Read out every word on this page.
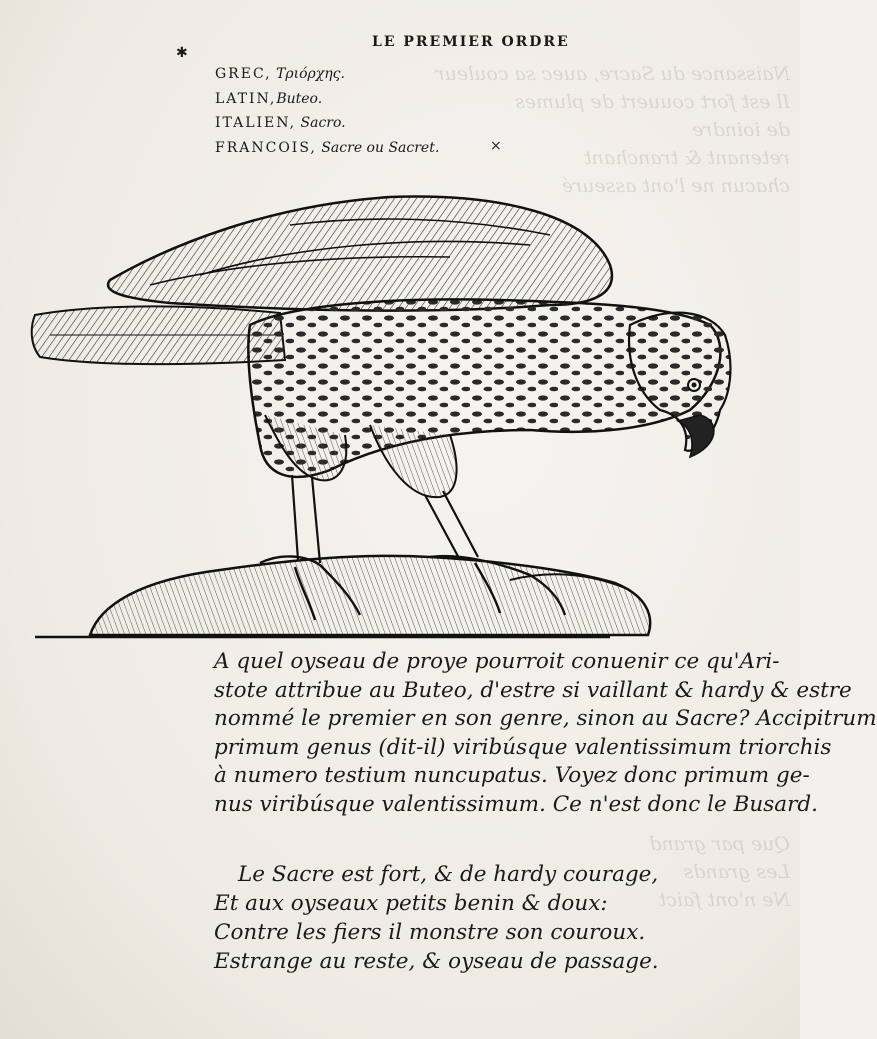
Naissance du Sacre, auec sa couleur
Il est fort couuert de plumes
de ioindre
retenant & tranchant
chacun ne l'ont asseuré
Que par grand
Les grands
Ne n'ont faict
LE PREMIER ORDRE
✱
GREC, Τριόρχης.
LATIN,Buteo.
ITALIEN, Sacro.
FRANCOIS, Sacre ou Sacret.	×
A quel oyseau de proye pourroit conuenir ce qu'Ari-
stote attribue au Buteo, d'estre si vaillant & hardy & estre
nommé le premier en son genre, sinon au Sacre? Accipitrum
primum genus (dit-il) viribúsque valentissimum triorchis
à numero testium nuncupatus. Voyez donc primum ge-
nus viribúsque valentissimum. Ce n'est donc le Busard.
Le Sacre est fort, & de hardy courage,
Et aux oyseaux petits benin & doux:
Contre les fiers il monstre son couroux.
Estrange au reste, & oyseau de passage.
